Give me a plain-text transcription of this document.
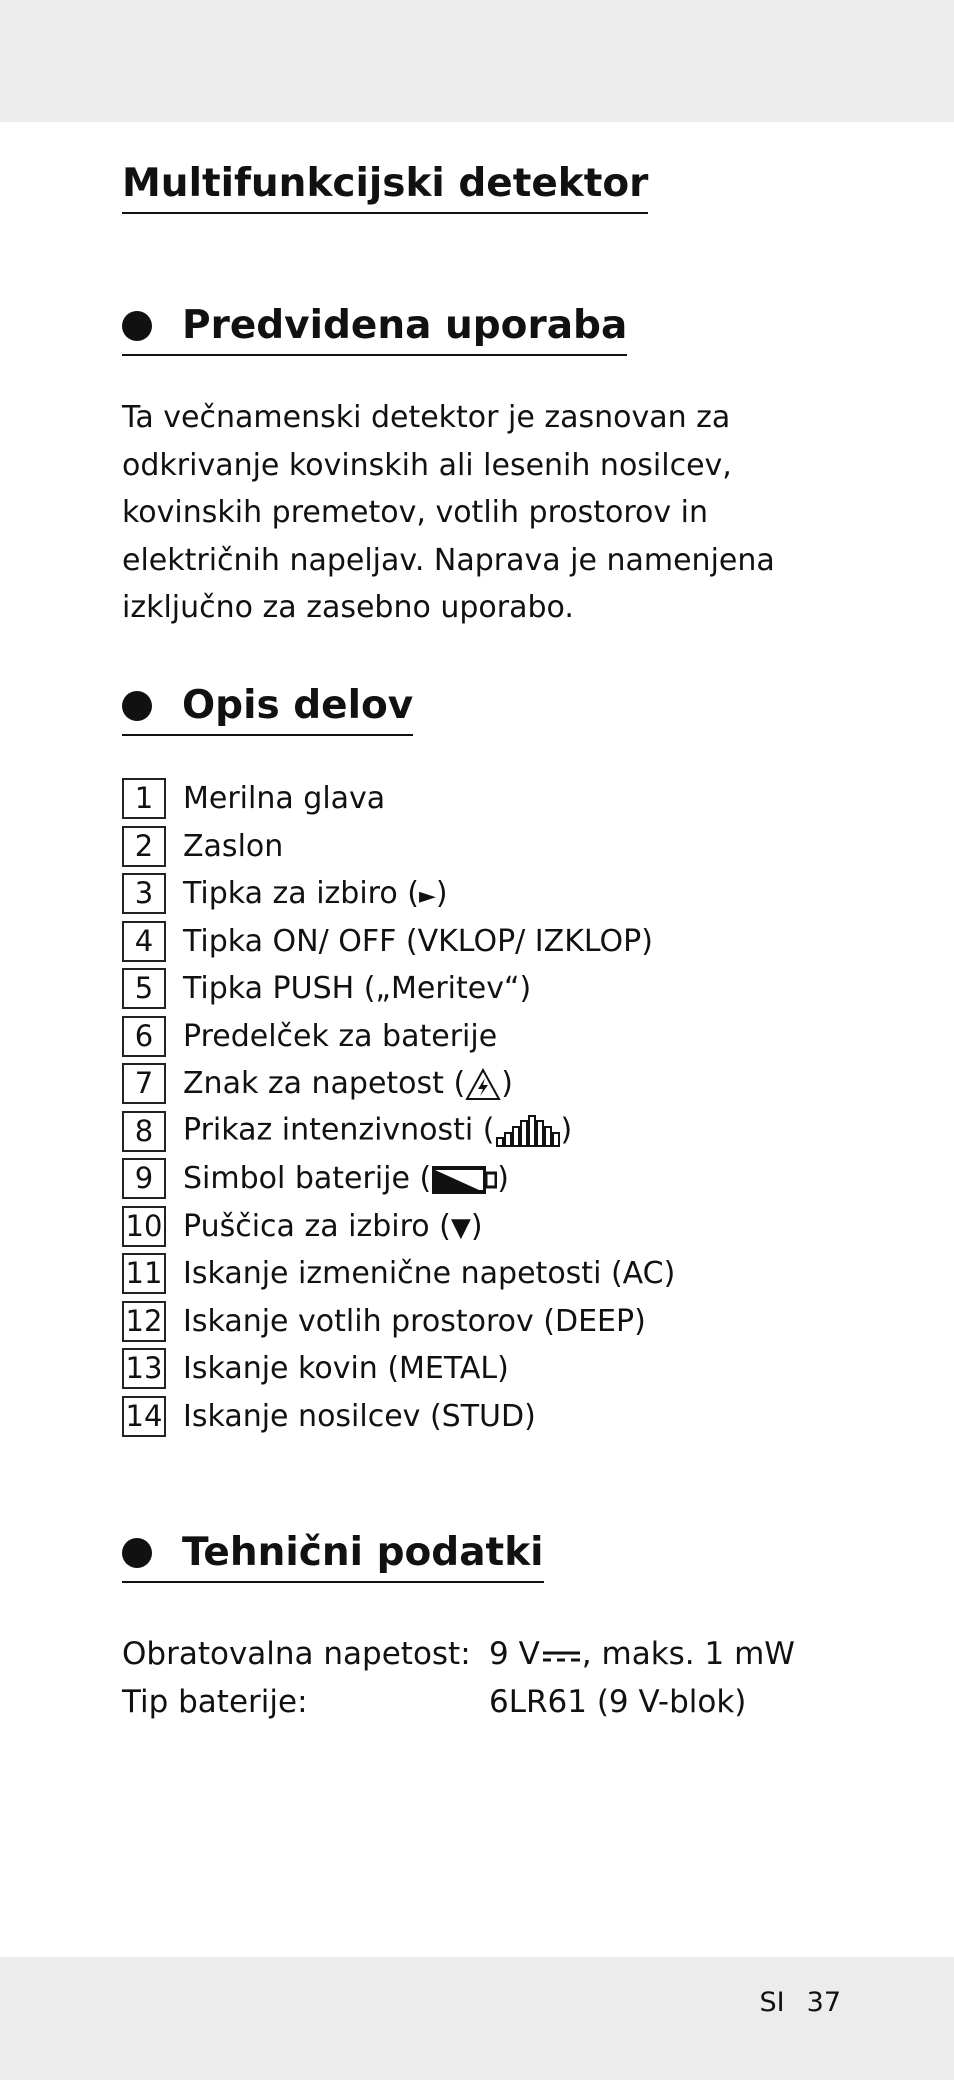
Multifunkcijski detektor
Predvidena uporaba

Ta večnamenski detektor je zasnovan za odkrivanje kovinskih ali lesenih nosilcev, kovinskih premetov, votlih prostorov in električnih napeljav. Naprava je namenjena izključno za zasebno uporabo.

Opis delov
1 Merilna glava
2 Zaslon
3 Tipka za izbiro (►)
4 Tipka ON/ OFF (VKLOP/ IZKLOP)
5 Tipka PUSH („Meritev“)
6 Predelček za baterije
7 Znak za napetost ( )
8 Prikaz intenzivnosti ( )
9 Simbol baterije ( )
10 Puščica za izbiro (▼)
11 Iskanje izmenične napetosti (AC)
12 Iskanje votlih prostorov (DEEP)
13 Iskanje kovin (METAL)
14 Iskanje nosilcev (STUD)
Tehnični podatki
Obratovalna napetost: 9 V , maks. 1 mW
Tip baterije:	6LR61 (9 V-blok)
SI 37
